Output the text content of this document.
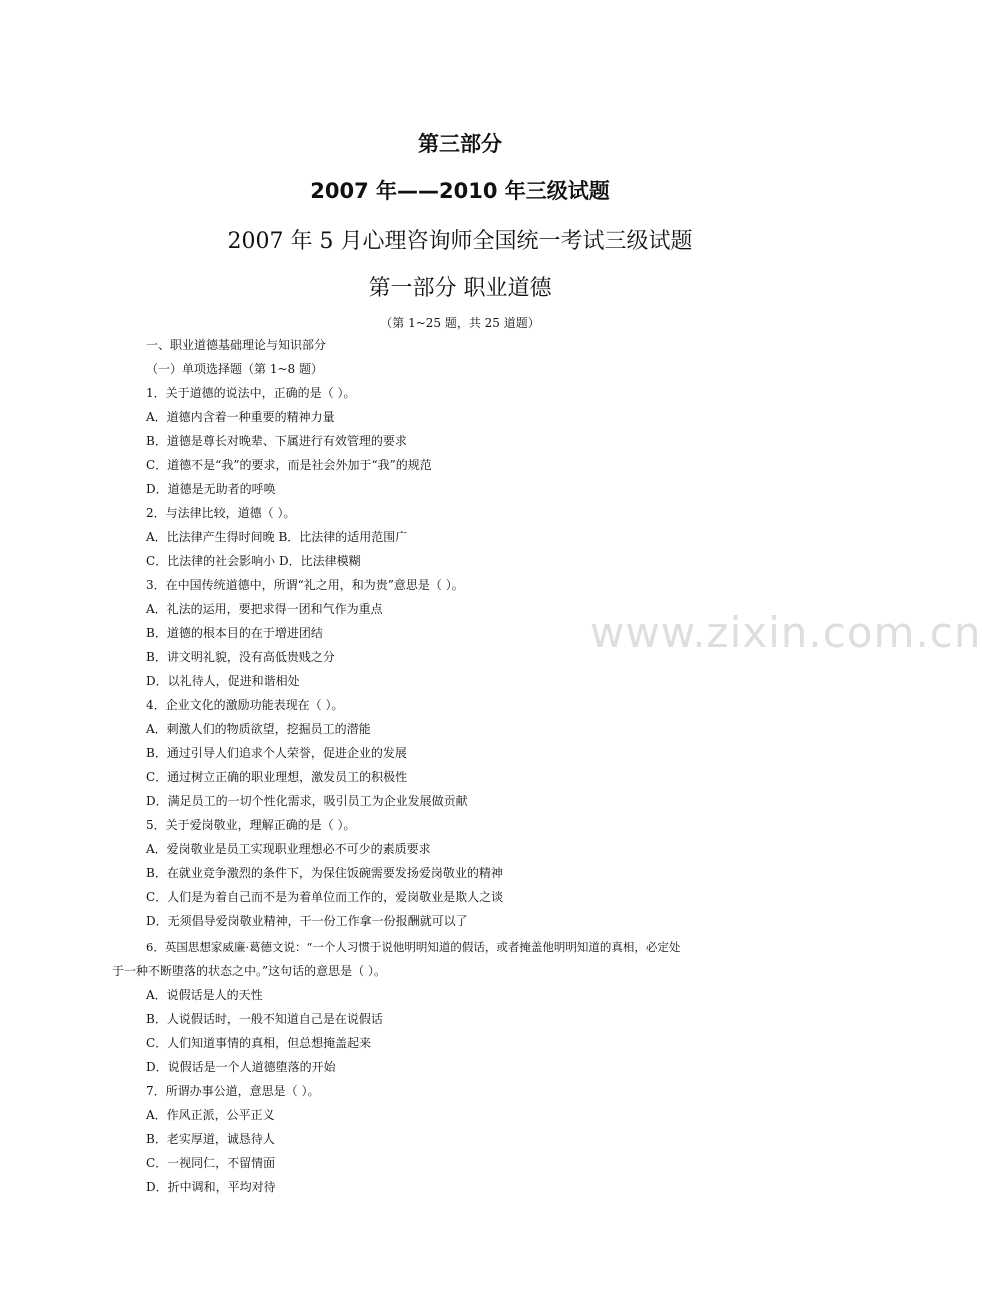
www.zixin.com.cn
第三部分
2007 年——2010 年三级试题
2007 年 5 月心理咨询师全国统一考试三级试题
第一部分 职业道德
（第 1~25 题，共 25 道题）
一、职业道德基础理论与知识部分
（一）单项选择题（第 1~8 题）
1．关于道德的说法中，正确的是（ ）。
A．道德内含着一种重要的精神力量
B．道德是尊长对晚辈、下属进行有效管理的要求
C．道德不是“我”的要求，而是社会外加于“我”的规范
D．道德是无助者的呼唤
2．与法律比较，道德（ ）。
A．比法律产生得时间晚 B．比法律的适用范围广
C．比法律的社会影响小 D．比法律模糊
3．在中国传统道德中，所谓“礼之用，和为贵”意思是（ ）。
A．礼法的运用，要把求得一团和气作为重点
B．道德的根本目的在于增进团结
B．讲文明礼貌，没有高低贵贱之分
D．以礼待人，促进和谐相处
4．企业文化的激励功能表现在（ ）。
A．刺激人们的物质欲望，挖掘员工的潜能
B．通过引导人们追求个人荣誉，促进企业的发展
C．通过树立正确的职业理想，激发员工的积极性
D．满足员工的一切个性化需求，吸引员工为企业发展做贡献
5．关于爱岗敬业，理解正确的是（ ）。
A．爱岗敬业是员工实现职业理想必不可少的素质要求
B．在就业竞争激烈的条件下，为保住饭碗需要发扬爱岗敬业的精神
C．人们是为着自己而不是为着单位而工作的，爱岗敬业是欺人之谈
D．无须倡导爱岗敬业精神，干一份工作拿一份报酬就可以了
6．英国思想家威廉·葛德文说：“一个人习惯于说他明明知道的假话，或者掩盖他明明知道的真相，必定处
于一种不断堕落的状态之中。”这句话的意思是（ ）。
A．说假话是人的天性
B．人说假话时，一般不知道自己是在说假话
C．人们知道事情的真相，但总想掩盖起来
D．说假话是一个人道德堕落的开始
7．所谓办事公道，意思是（ ）。
A．作风正派，公平正义
B．老实厚道，诚恳待人
C．一视同仁，不留情面
D．折中调和，平均对待
